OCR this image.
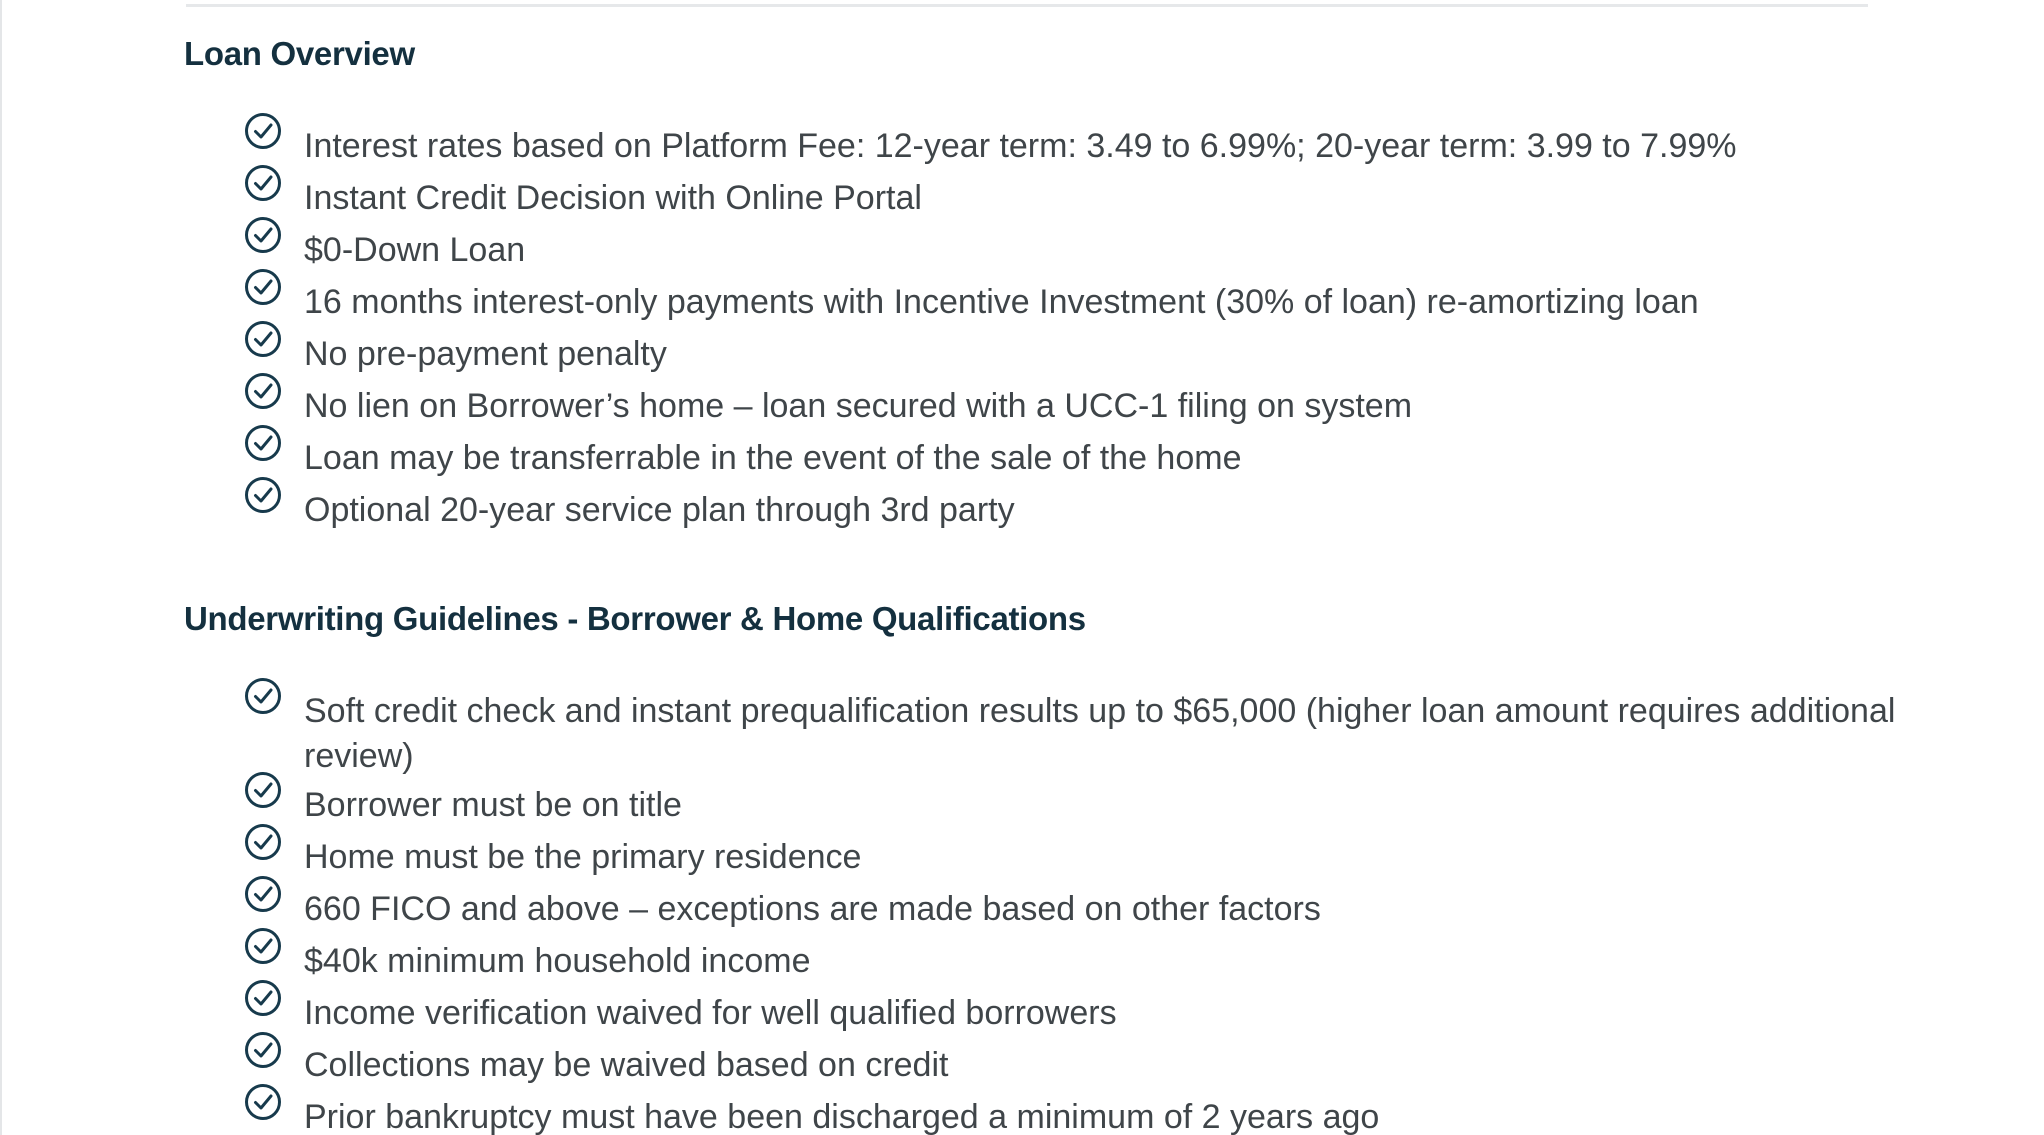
Loan Overview
Interest rates based on Platform Fee: 12-year term: 3.49 to 6.99%; 20-year term: 3.99 to 7.99%
Instant Credit Decision with Online Portal
$0-Down Loan
16 months interest-only payments with Incentive Investment (30% of loan) re-amortizing loan
No pre-payment penalty
No lien on Borrower’s home – loan secured with a UCC-1 filing on system
Loan may be transferrable in the event of the sale of the home
Optional 20-year service plan through 3rd party
Underwriting Guidelines - Borrower & Home Qualifications
Soft credit check and instant prequalification results up to $65,000 (higher loan amount requires additional review)
Borrower must be on title
Home must be the primary residence
660 FICO and above – exceptions are made based on other factors
$40k minimum household income
Income verification waived for well qualified borrowers
Collections may be waived based on credit
Prior bankruptcy must have been discharged a minimum of 2 years ago
